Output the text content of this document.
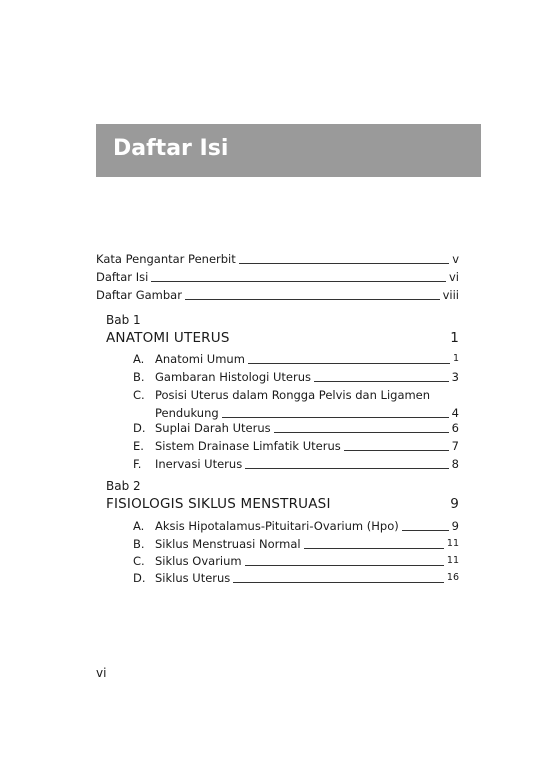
Daftar Isi
Kata Pengantar Penerbit	v
Daftar Isi	vi
Daftar Gambar	viii
Bab 1
ANATOMI UTERUS	1
A. Anatomi Umum	1
B. Gambaran Histologi Uterus	3
C. Posisi Uterus dalam Rongga Pelvis dan Ligamen
Pendukung	4
D. Suplai Darah Uterus	6
E. Sistem Drainase Limfatik Uterus	7
F. Inervasi Uterus	8
Bab 2
FISIOLOGIS SIKLUS MENSTRUASI	9
A. Aksis Hipotalamus-Pituitari-Ovarium (Hpo)	9
B. Siklus Menstruasi Normal	11
C. Siklus Ovarium	11
D. Siklus Uterus	16
vi
